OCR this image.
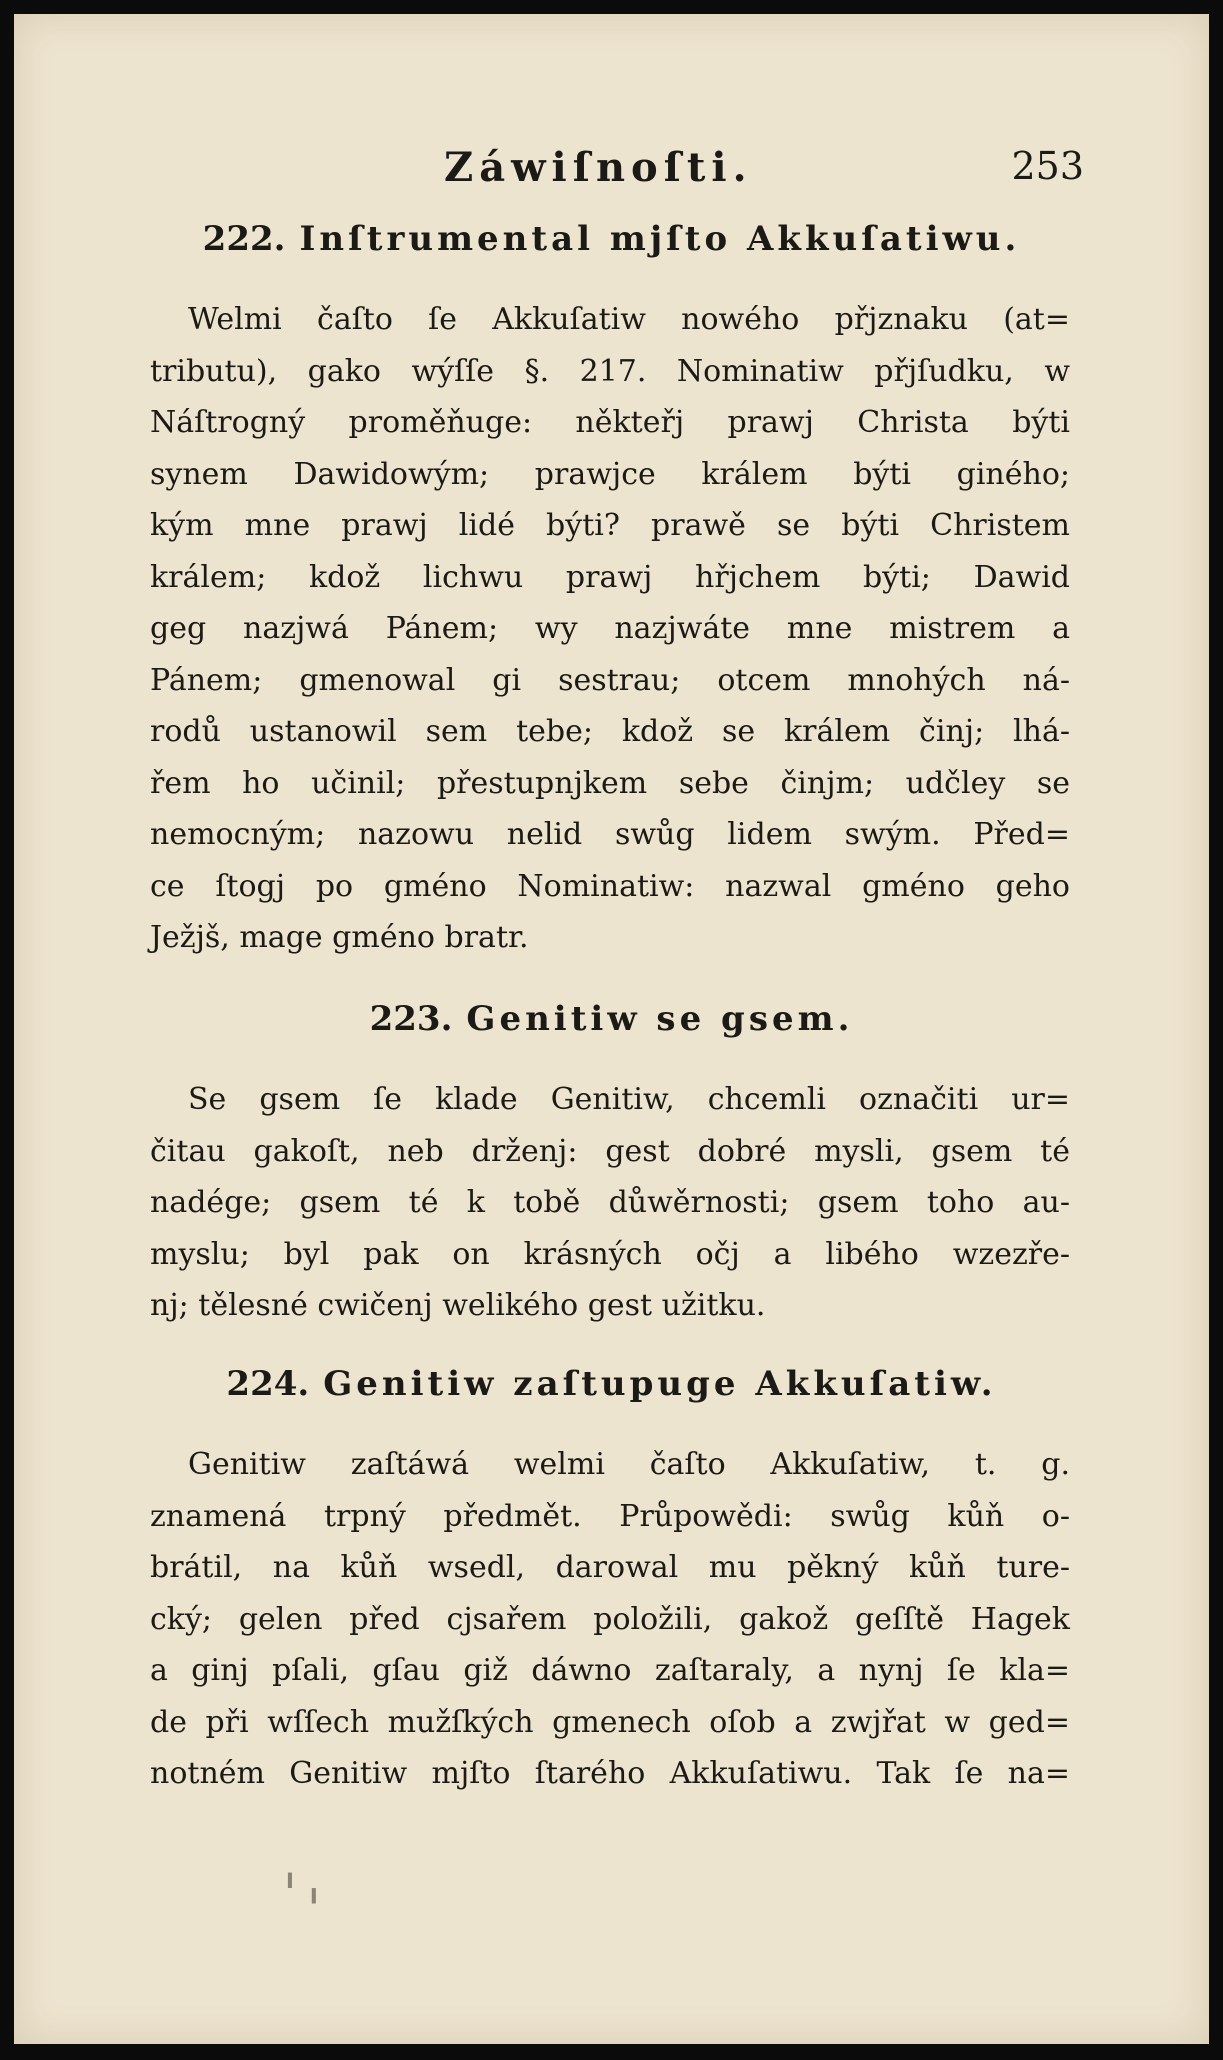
Záwiſnoſti.	253
222. Inſtrumental mjſto Akkuſatiwu.
Welmi čaſto ſe Akkuſatiw nowého přjznaku (at=
tributu), gako wýſſe §. 217. Nominatiw přjſudku, w
Náſtrogný proměňuge: někteřj prawj Christa býti
synem Dawidowým; prawjce králem býti giného;
kým mne prawj lidé býti? prawě se býti Christem
králem; kdož lichwu prawj hřjchem býti; Dawid
geg nazjwá Pánem; wy nazjwáte mne mistrem a
Pánem; gmenowal gi sestrau; otcem mnohých ná-
rodů ustanowil sem tebe; kdož se králem činj; lhá-
řem ho učinil; přestupnjkem sebe činjm; udčley se
nemocným; nazowu nelid swůg lidem swým. Před=
ce ſtogj po gméno Nominatiw: nazwal gméno geho
Ježjš, mage gméno bratr.
223. Genitiw se gsem.
Se gsem ſe klade Genitiw, chcemli označiti ur=
čitau gakoſt, neb drženj: gest dobré mysli, gsem té
nadége; gsem té k tobě důwěrnosti; gsem toho au-
myslu; byl pak on krásných očj a libého wzezře-
nj; tělesné cwičenj welikého gest užitku.
224. Genitiw zaſtupuge Akkuſatiw.
Genitiw zaſtáwá welmi čaſto Akkuſatiw, t. g.
znamená trpný předmět. Průpowědi: swůg kůň o-
brátil, na kůň wsedl, darowal mu pěkný kůň ture-
cký; gelen před cjsařem položili, gakož geſſtě Hagek
a ginj pſali, gſau giž dáwno zaſtaraly, a nynj ſe kla=
de při wſſech mužſkých gmenech oſob a zwjřat w ged=
notném Genitiw mjſto ſtarého Akkuſatiwu. Tak ſe na=
╹ ╻
